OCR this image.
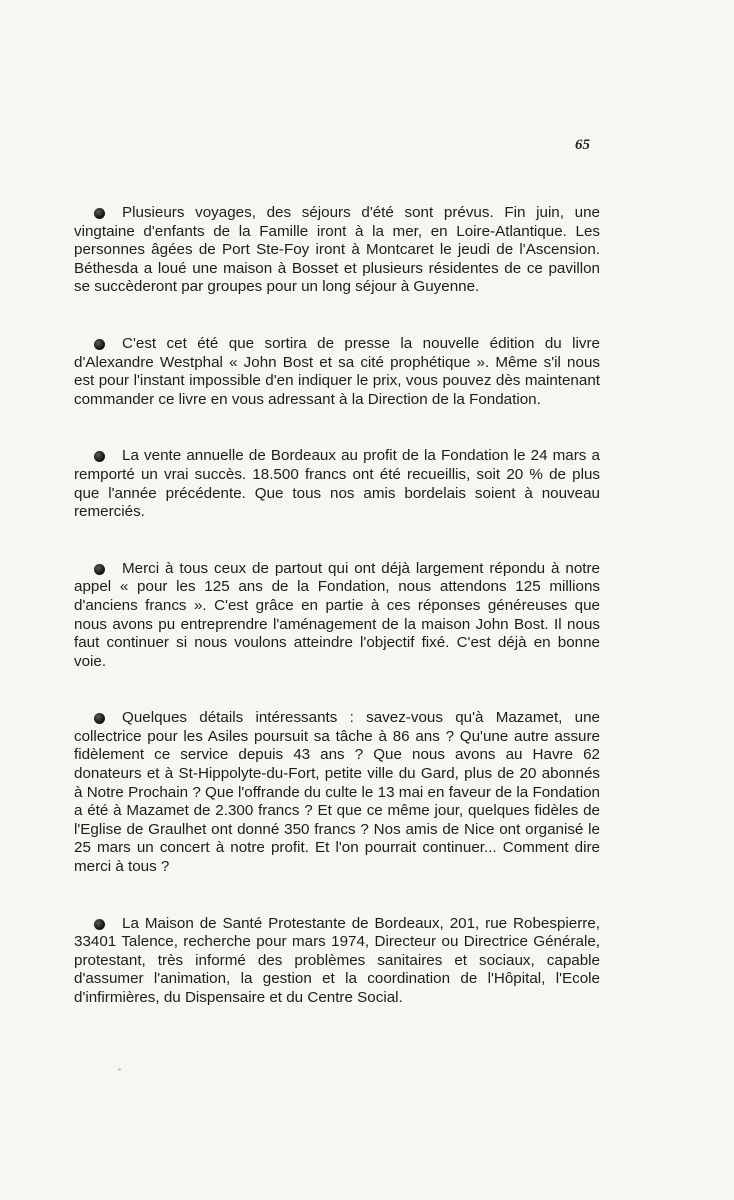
65

Plusieurs voyages, des séjours d'été sont prévus. Fin juin, une vingtaine d'enfants de la Famille iront à la mer, en Loire-Atlantique. Les personnes âgées de Port Ste-Foy iront à Montcaret le jeudi de l'Ascension. Béthesda a loué une maison à Bosset et plusieurs résidentes de ce pavillon se succèderont par groupes pour un long séjour à Guyenne.

C'est cet été que sortira de presse la nouvelle édition du livre d'Alexandre Westphal « John Bost et sa cité prophétique ». Même s'il nous est pour l'instant impossible d'en indiquer le prix, vous pouvez dès maintenant commander ce livre en vous adressant à la Direction de la Fondation.

La vente annuelle de Bordeaux au profit de la Fondation le 24 mars a remporté un vrai succès. 18.500 francs ont été recueillis, soit 20 % de plus que l'année précédente. Que tous nos amis bordelais soient à nouveau remerciés.

Merci à tous ceux de partout qui ont déjà largement répondu à notre appel « pour les 125 ans de la Fondation, nous attendons 125 millions d'anciens francs ». C'est grâce en partie à ces réponses généreuses que nous avons pu entreprendre l'aménagement de la maison John Bost. Il nous faut continuer si nous voulons atteindre l'objectif fixé. C'est déjà en bonne voie.

Quelques détails intéressants : savez-vous qu'à Mazamet, une collectrice pour les Asiles poursuit sa tâche à 86 ans ? Qu'une autre assure fidèlement ce service depuis 43 ans ? Que nous avons au Havre 62 donateurs et à St-Hippolyte-du-Fort, petite ville du Gard, plus de 20 abonnés à Notre Prochain ? Que l'offrande du culte le 13 mai en faveur de la Fondation a été à Mazamet de 2.300 francs ? Et que ce même jour, quelques fidèles de l'Eglise de Graulhet ont donné 350 francs ? Nos amis de Nice ont organisé le 25 mars un concert à notre profit. Et l'on pourrait continuer... Comment dire merci à tous ?

La Maison de Santé Protestante de Bordeaux, 201, rue Robespierre, 33401 Talence, recherche pour mars 1974, Directeur ou Directrice Générale, protestant, très informé des problèmes sanitaires et sociaux, capable d'assumer l'animation, la gestion et la coordination de l'Hôpital, l'Ecole d'infirmières, du Dispensaire et du Centre Social.
